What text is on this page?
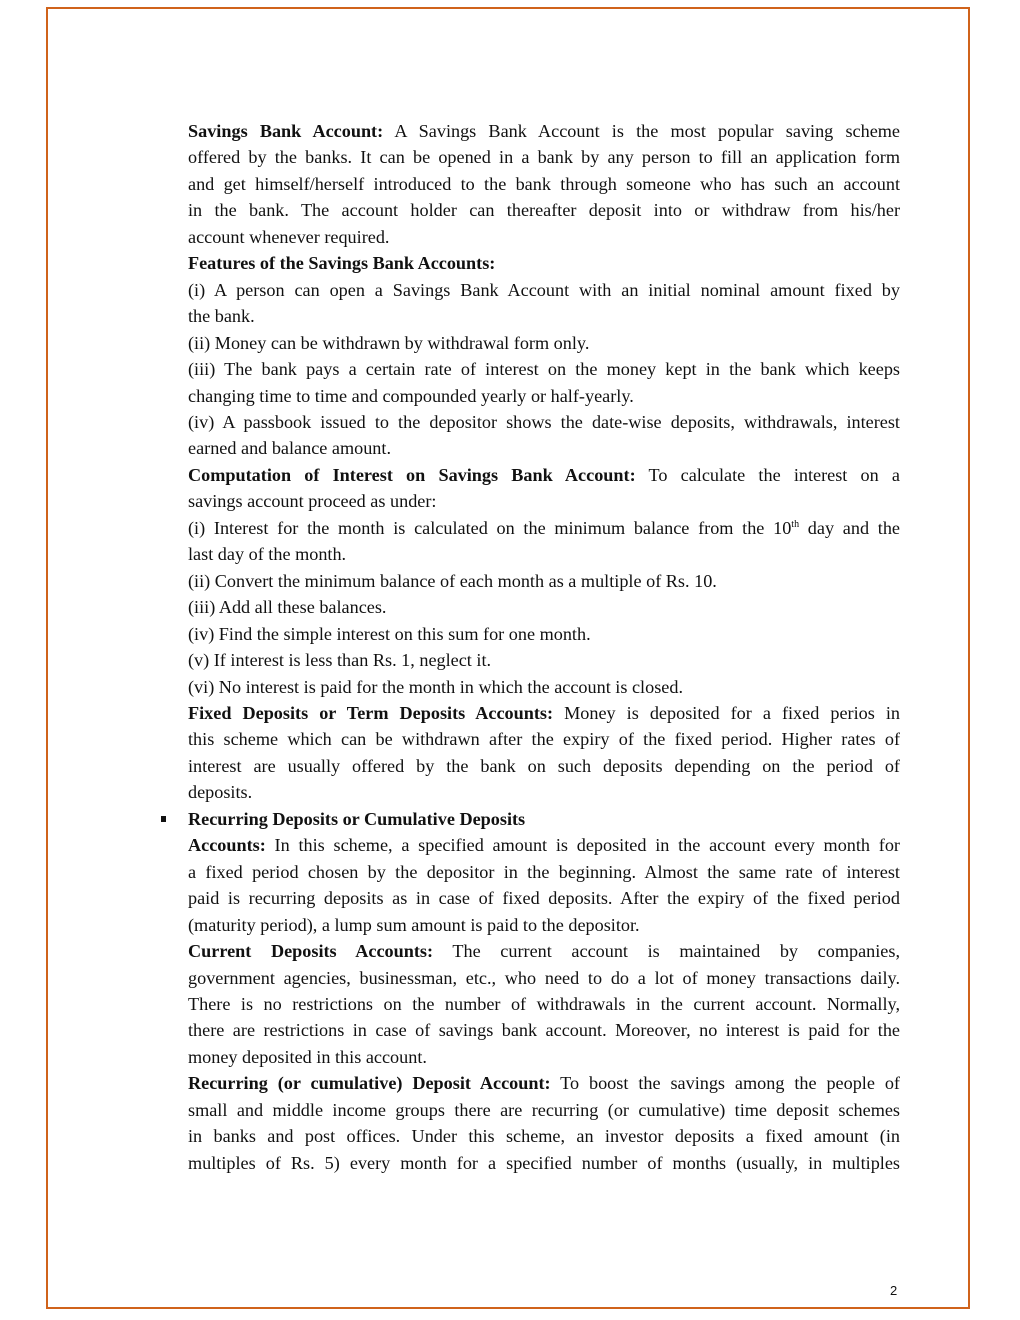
Savings Bank Account: A Savings Bank Account is the most popular saving scheme
offered by the banks. It can be opened in a bank by any person to fill an application form
and get himself/herself introduced to the bank through someone who has such an account
in the bank. The account holder can thereafter deposit into or withdraw from his/her
account whenever required.
Features of the Savings Bank Accounts:
(i) A person can open a Savings Bank Account with an initial nominal amount fixed by
the bank.
(ii) Money can be withdrawn by withdrawal form only.
(iii) The bank pays a certain rate of interest on the money kept in the bank which keeps
changing time to time and compounded yearly or half-yearly.
(iv) A passbook issued to the depositor shows the date-wise deposits, withdrawals, interest
earned and balance amount.
Computation of Interest on Savings Bank Account: To calculate the interest on a
savings account proceed as under:
(i) Interest for the month is calculated on the minimum balance from the 10th day and the
last day of the month.
(ii) Convert the minimum balance of each month as a multiple of Rs. 10.
(iii) Add all these balances.
(iv) Find the simple interest on this sum for one month.
(v) If interest is less than Rs. 1, neglect it.
(vi) No interest is paid for the month in which the account is closed.
Fixed Deposits or Term Deposits Accounts: Money is deposited for a fixed perios in
this scheme which can be withdrawn after the expiry of the fixed period. Higher rates of
interest are usually offered by the bank on such deposits depending on the period of
deposits.
Recurring Deposits or Cumulative Deposits
Accounts: In this scheme, a specified amount is deposited in the account every month for
a fixed period chosen by the depositor in the beginning. Almost the same rate of interest
paid is recurring deposits as in case of fixed deposits. After the expiry of the fixed period
(maturity period), a lump sum amount is paid to the depositor.
Current Deposits Accounts: The current account is maintained by companies,
government agencies, businessman, etc., who need to do a lot of money transactions daily.
There is no restrictions on the number of withdrawals in the current account. Normally,
there are restrictions in case of savings bank account. Moreover, no interest is paid for the
money deposited in this account.
Recurring (or cumulative) Deposit Account: To boost the savings among the people of
small and middle income groups there are recurring (or cumulative) time deposit schemes
in banks and post offices. Under this scheme, an investor deposits a fixed amount (in
multiples of Rs. 5) every month for a specified number of months (usually, in multiples
2
